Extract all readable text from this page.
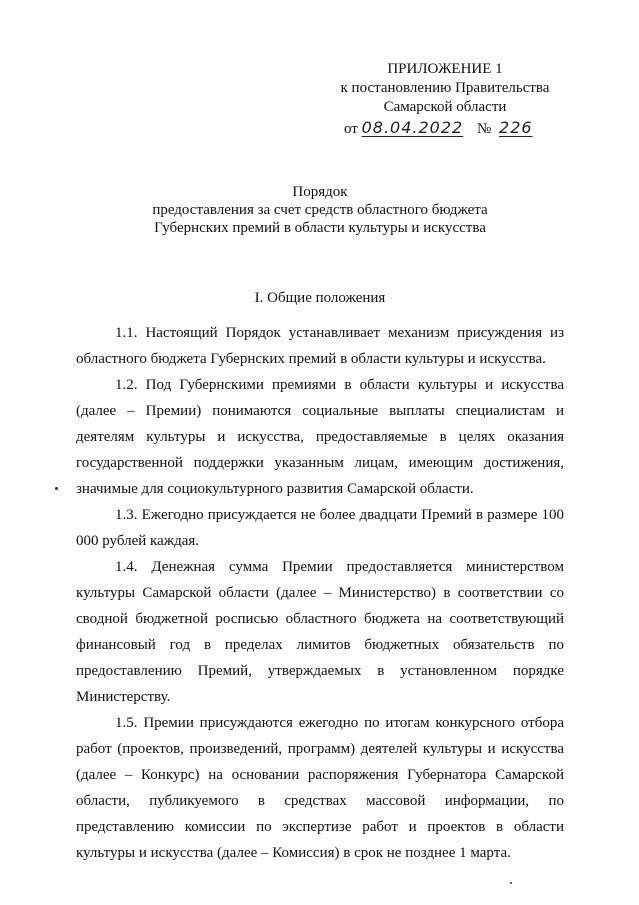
ПРИЛОЖЕНИЕ 1
к постановлению Правительства
Самарской области
от 08.04.2022 № 226
Порядок
предоставления за счет средств областного бюджета
Губернских премий в области культуры и искусства
I. Общие положения

1.1. Настоящий Порядок устанавливает механизм присуждения из областного бюджета Губернских премий в области культуры и искусства.

1.2. Под Губернскими премиями в области культуры и искусства (далее – Премии) понимаются социальные выплаты специалистам и деятелям культуры и искусства, предоставляемые в целях оказания государственной поддержки указанным лицам, имеющим достижения, значимые для социокультурного развития Самарской области.

1.3. Ежегодно присуждается не более двадцати Премий в размере 100 000 рублей каждая.

1.4. Денежная сумма Премии предоставляется министерством культуры Самарской области (далее – Министерство) в соответствии со сводной бюджетной росписью областного бюджета на соответствующий финансовый год в пределах лимитов бюджетных обязательств по предоставлению Премий, утверждаемых в установленном порядке Министерству.

1.5. Премии присуждаются ежегодно по итогам конкурсного отбора работ (проектов, произведений, программ) деятелей культуры и искусства (далее – Конкурс) на основании распоряжения Губернатора Самарской области, публикуемого в средствах массовой информации, по представлению комиссии по экспертизе работ и проектов в области культуры и искусства (далее – Комиссия) в срок не позднее 1 марта.
